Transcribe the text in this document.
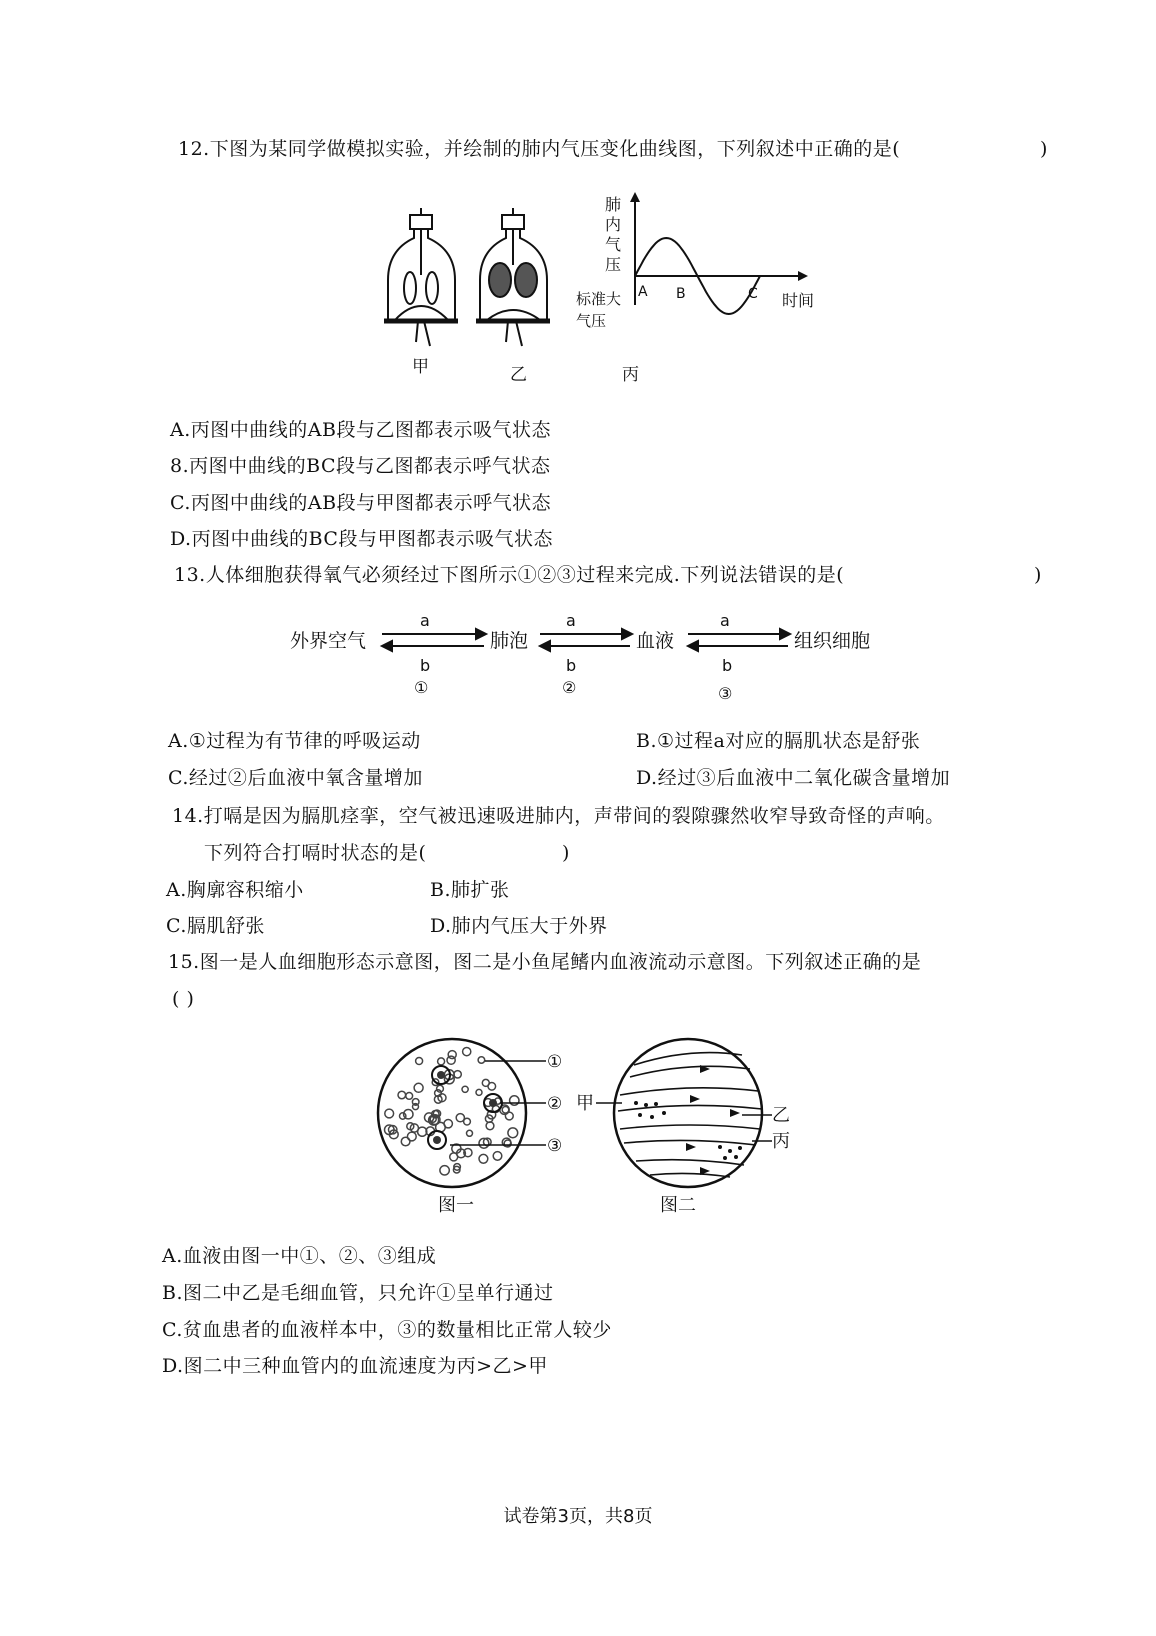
12.下图为某同学做模拟实验，并绘制的肺内气压变化曲线图，下列叙述中正确的是(	)
肺
内
气
压
标准大
气压
A B	C 时间
甲	乙	丙
A.丙图中曲线的AB段与乙图都表示吸气状态
8.丙图中曲线的BC段与乙图都表示呼气状态
C.丙图中曲线的AB段与甲图都表示呼气状态
D.丙图中曲线的BC段与甲图都表示吸气状态
13.人体细胞获得氧气必须经过下图所示①②③过程来完成.下列说法错误的是(	)
外界空气	肺泡	血液	组织细胞
a	a	a
b	b	b
①	②	③
A.①过程为有节律的呼吸运动	B.①过程a对应的膈肌状态是舒张
C.经过②后血液中氧含量增加	D.经过③后血液中二氧化碳含量增加
14.打嗝是因为膈肌痉挛，空气被迅速吸进肺内，声带间的裂隙骤然收窄导致奇怪的声响。
下列符合打嗝时状态的是(	)
A.胸廓容积缩小	B.肺扩张
C.膈肌舒张	D.肺内气压大于外界
15.图一是人血细胞形态示意图，图二是小鱼尾鳍内血液流动示意图。下列叙述正确的是
( )
①
②
③
图一
甲
乙
丙
图二
A.血液由图一中①、②、③组成
B.图二中乙是毛细血管，只允许①呈单行通过
C.贫血患者的血液样本中，③的数量相比正常人较少
D.图二中三种血管内的血流速度为丙>乙>甲
试卷第3页，共8页
